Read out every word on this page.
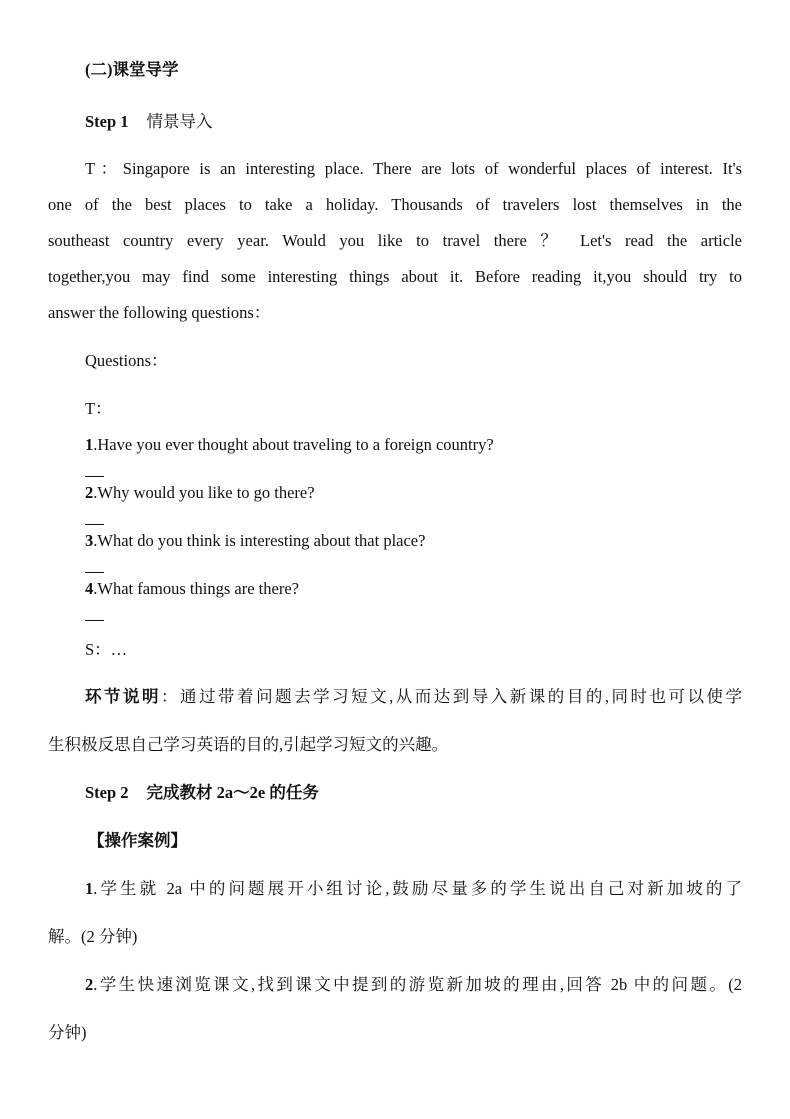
(二)课堂导学
Step 1 情景导入
T：Singapore is an interesting place. There are lots of wonderful places of interest. It's
one of the best places to take a holiday. Thousands of travelers lost themselves in the
southeast country every year. Would you like to travel there ？ Let's read the article
together,you may find some interesting things about it. Before reading it,you should try to
answer the following questions：
Questions：
T：
1.Have you ever thought about traveling to a foreign country?
2.Why would you like to go there?
3.What do you think is interesting about that place?
4.What famous things are there?
S：…
环节说明：通过带着问题去学习短文,从而达到导入新课的目的,同时也可以使学
生积极反思自己学习英语的目的,引起学习短文的兴趣。
Step 2 完成教材 2a～2e 的任务
【操作案例】
1.学生就 2a 中的问题展开小组讨论,鼓励尽量多的学生说出自己对新加坡的了
解。(2 分钟)
2.学生快速浏览课文,找到课文中提到的游览新加坡的理由,回答 2b 中的问题。(2
分钟)
